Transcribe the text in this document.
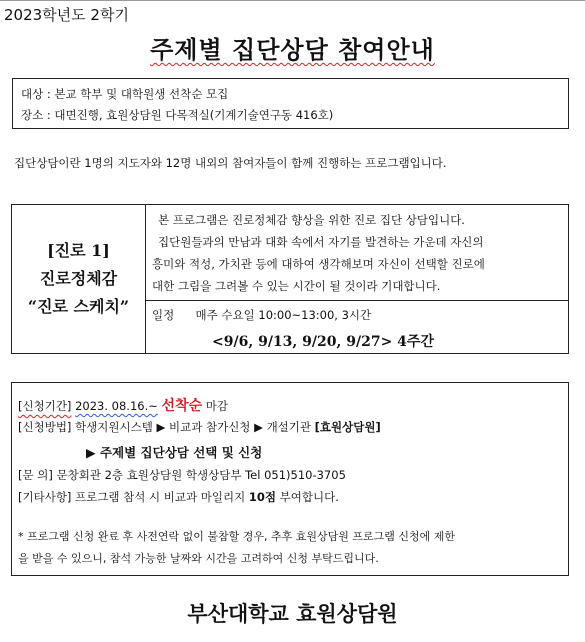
2023학년도 2학기
주제별 집단상담 참여안내
대상 : 본교 학부 및 대학원생 선착순 모집
장소 : 대면진행, 효원상담원 다목적실(기계기술연구동 416호)
집단상담이란 1명의 지도자와 12명 내외의 참여자들이 함께 진행하는 프로그램입니다.
[진로 1]
진로정체감
“진로 스케치”
본 프로그램은 진로정체감 향상을 위한 진로 집단 상담입니다.
집단원들과의 만남과 대화 속에서 자기를 발견하는 가운데 자신의
흥미와 적성, 가치관 등에 대하여 생각해보며 자신이 선택할 진로에
대한 그림을 그려볼 수 있는 시간이 될 것이라 기대합니다.
일정 매주 수요일 10:00~13:00, 3시간
<9/6, 9/13, 9/20, 9/27> 4주간
[신청기간] 2023. 08.16.~ 선착순 마감
[신청방법] 학생지원시스템 ▶ 비교과 참가신청 ▶ 개설기관 [효원상담원]
▶ 주제별 집단상담 선택 및 신청
[문 의] 문창회관 2층 효원상담원 학생상담부 Tel 051)510-3705
[기타사항] 프로그램 참석 시 비교과 마일리지 10점 부여합니다.
* 프로그램 신청 완료 후 사전연락 없이 불참할 경우, 추후 효원상담원 프로그램 신청에 제한
을 받을 수 있으니, 참석 가능한 날짜와 시간을 고려하여 신청 부탁드립니다.
부산대학교 효원상담원
